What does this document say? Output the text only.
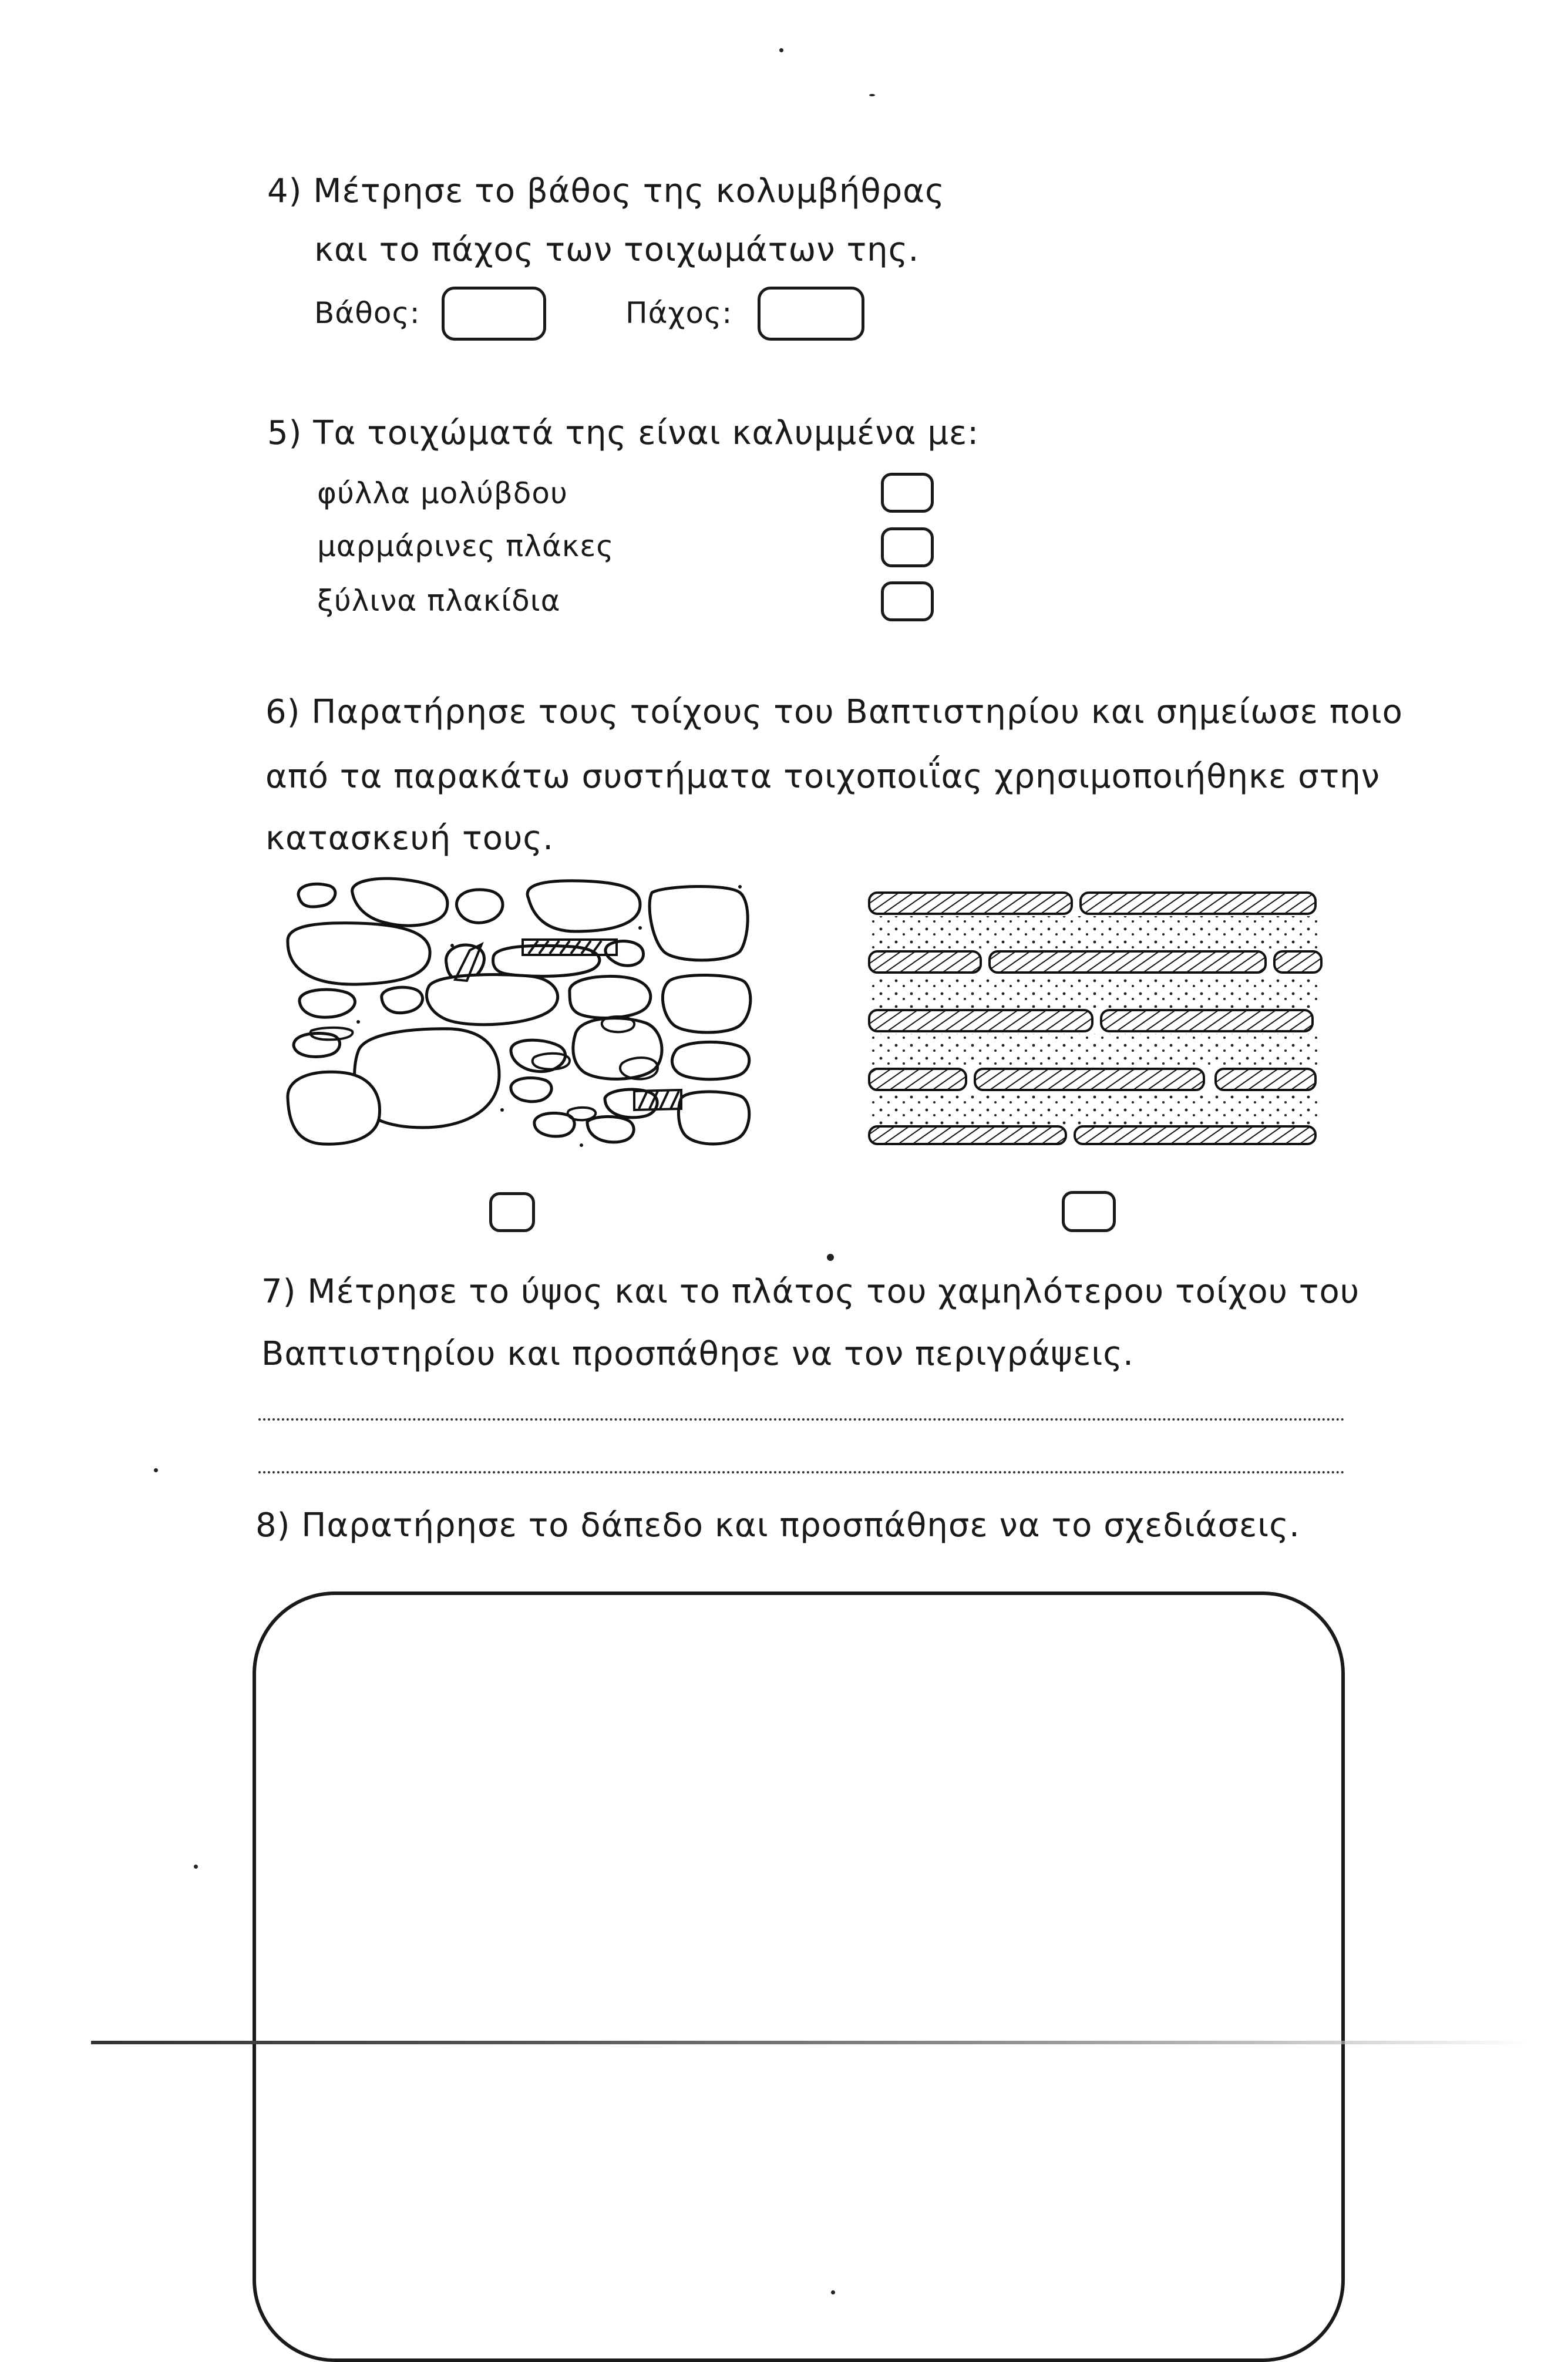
4) Μέτρησε το βάθος της κολυμβήθρας
και το πάχος των τοιχωμάτων της.
Βάθος:	Πάχος:
5) Τα τοιχώματά της είναι καλυμμένα με:
φύλλα μολύβδου
μαρμάρινες πλάκες
ξύλινα πλακίδια
6) Παρατήρησε τους τοίχους του Βαπτιστηρίου και σημείωσε ποιο
από τα παρακάτω συστήματα τοιχοποιΐας χρησιμοποιήθηκε στην
κατασκευή τους.
7) Μέτρησε το ύψος και το πλάτος του χαμηλότερου τοίχου του
Βαπτιστηρίου και προσπάθησε να τον περιγράψεις.
8) Παρατήρησε το δάπεδο και προσπάθησε να το σχεδιάσεις.
